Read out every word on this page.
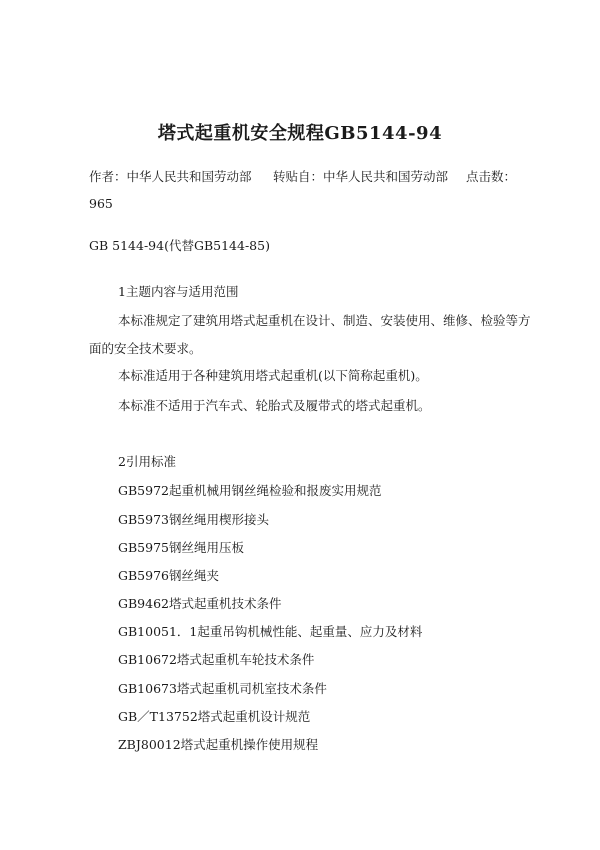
塔式起重机安全规程GB5144-94
作者：中华人民共和国劳动部 转贴自：中华人民共和国劳动部 点击数：
965
GB 5144-94(代替GB5144-85)
1主题内容与适用范围
本标准规定了建筑用塔式起重机在设计、制造、安装使用、维修、检验等方
面的安全技术要求。
本标准适用于各种建筑用塔式起重机(以下简称起重机)。
本标准不适用于汽车式、轮胎式及履带式的塔式起重机。
2引用标准
GB5972起重机械用钢丝绳检验和报废实用规范
GB5973钢丝绳用楔形接头
GB5975钢丝绳用压板
GB5976钢丝绳夹
GB9462塔式起重机技术条件
GB10051．1起重吊钩机械性能、起重量、应力及材料
GB10672塔式起重机车轮技术条件
GB10673塔式起重机司机室技术条件
GB／T13752塔式起重机设计规范
ZBJ80012塔式起重机操作使用规程
